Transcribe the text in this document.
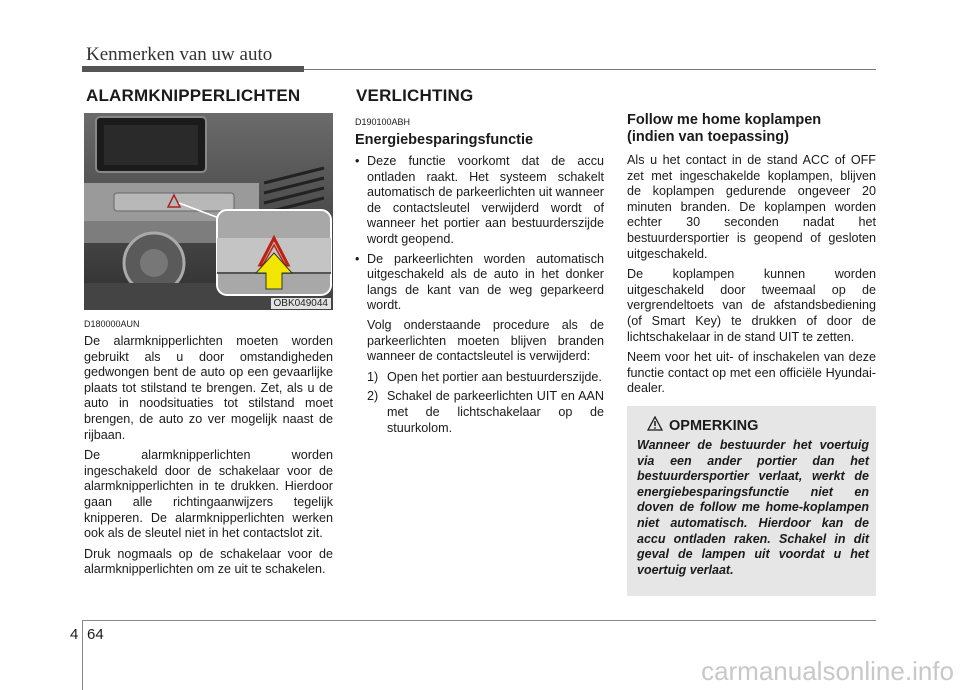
Kenmerken van uw auto
ALARMKNIPPERLICHTEN
OBK049044

D180000AUN

De alarmknipperlichten moeten worden gebruikt als u door omstandigheden gedwongen bent de auto op een gevaarlijke plaats tot stilstand te brengen. Zet, als u de auto in noodsituaties tot stilstand moet brengen, de auto zo ver mogelijk naast de rijbaan.

De alarmknipperlichten worden ingeschakeld door de schakelaar voor de alarmknipperlichten in te drukken. Hierdoor gaan alle richtingaanwijzers tegelijk knipperen. De alarmknipperlichten werken ook als de sleutel niet in het contactslot zit.

Druk nogmaals op de schakelaar voor de alarmknipperlichten om ze uit te schakelen.

VERLICHTING

D190100ABH

Energiebesparingsfunctie

• Deze functie voorkomt dat de accu ontladen raakt. Het systeem schakelt automatisch de parkeerlichten uit wanneer de contactsleutel verwijderd wordt of wanneer het portier aan bestuurderszijde wordt geopend.
• De parkeerlichten worden automatisch uitgeschakeld als de auto in het donker langs de kant van de weg geparkeerd wordt.

Volg onderstaande procedure als de parkeerlichten moeten blijven branden wanneer de contactsleutel is verwijderd:

1) Open het portier aan bestuurderszijde.
2) Schakel de parkeerlichten UIT en AAN met de lichtschakelaar op de stuurkolom.

Follow me home koplampen
(indien van toepassing)

Als u het contact in de stand ACC of OFF zet met ingeschakelde koplampen, blijven de koplampen gedurende ongeveer 20 minuten branden. De koplampen worden echter 30 seconden nadat het bestuurdersportier is geopend of gesloten uitgeschakeld.

De koplampen kunnen worden uitgeschakeld door tweemaal op de vergrendeltoets van de afstandsbediening (of Smart Key) te drukken of door de lichtschakelaar in de stand UIT te zetten.

Neem voor het uit- of inschakelen van deze functie contact op met een officiële Hyundai-dealer.

OPMERKING
Wanneer de bestuurder het voertuig via een ander portier dan het bestuurdersportier verlaat, werkt de energiebesparingsfunctie niet en doven de follow me home-koplampen niet automatisch. Hierdoor kan de accu ontladen raken. Schakel in dit geval de lampen uit voordat u het voertuig verlaat.
4 64
carmanualsonline.info
